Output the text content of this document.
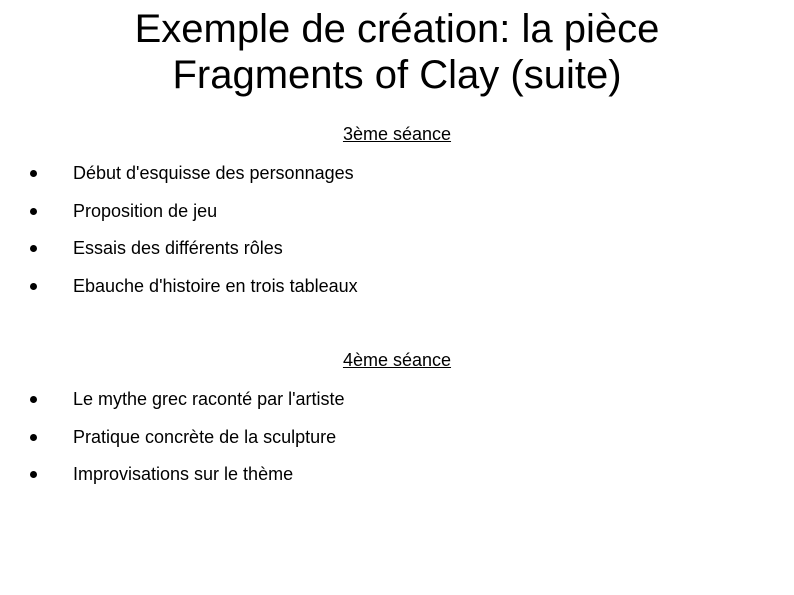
Exemple de création: la pièce
Fragments of Clay (suite)

3ème séance

Début d'esquisse des personnages
Proposition de jeu
Essais des différents rôles
Ebauche d'histoire en trois tableaux

4ème séance

Le mythe grec raconté par l'artiste
Pratique concrète de la sculpture
Improvisations sur le thème
